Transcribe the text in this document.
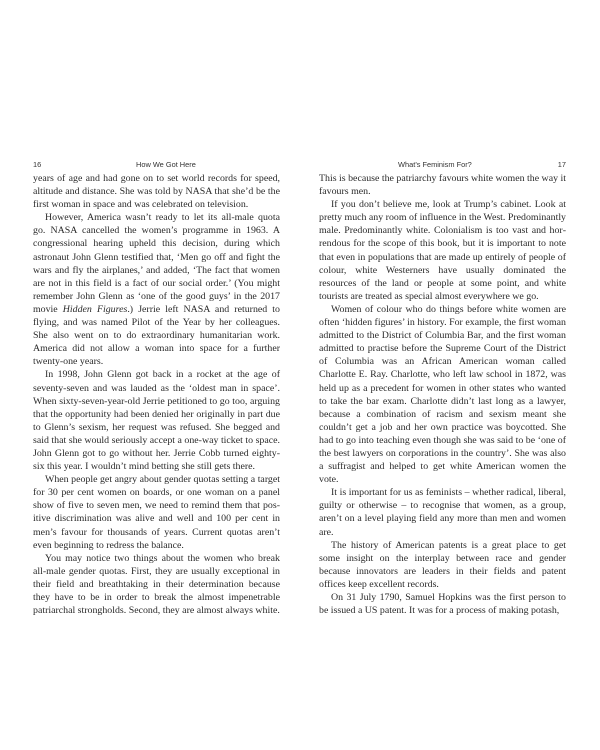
16	How We Got Here

years of age and had gone on to set world records for speed, altitude and distance. She was told by NASA that she’d be the first woman in space and was celebrated on television.

However, America wasn’t ready to let its all-male quota go. NASA cancelled the women’s programme in 1963. A congressional hearing upheld this decision, during which astronaut John Glenn testified that, ‘Men go off and fight the wars and fly the airplanes,’ and added, ‘The fact that women are not in this field is a fact of our social order.’ (You might remember John Glenn as ‘one of the good guys’ in the 2017 movie Hidden Figures.) Jerrie left NASA and returned to flying, and was named Pilot of the Year by her colleagues. She also went on to do extraordinary humanitarian work. America did not allow a woman into space for a further twenty-one years.

In 1998, John Glenn got back in a rocket at the age of seventy-seven and was lauded as the ‘oldest man in space’. When sixty-seven-year-old Jerrie petitioned to go too, arguing that the opportunity had been denied her originally in part due to Glenn’s sexism, her request was refused. She begged and said that she would seriously accept a one-way ticket to space. John Glenn got to go without her. Jerrie Cobb turned eighty-six this year. I wouldn’t mind betting she still gets there.

When people get angry about gender quotas setting a target for 30 per cent women on boards, or one woman on a panel show of five to seven men, we need to remind them that positive discrimination was alive and well and 100 per cent in men’s favour for thousands of years. Current quotas aren’t even beginning to redress the balance.

You may notice two things about the women who break all-male gender quotas. First, they are usually exceptional in their field and breathtaking in their determination because they have to be in order to break the almost impenetrable patriarchal strongholds. Second, they are almost always white.

What’s Feminism For?	17

This is because the patriarchy favours white women the way it favours men.

If you don’t believe me, look at Trump’s cabinet. Look at pretty much any room of influence in the West. Predominantly male. Predominantly white. Colonialism is too vast and horrendous for the scope of this book, but it is important to note that even in populations that are made up entirely of people of colour, white Westerners have usually dominated the resources of the land or people at some point, and white tourists are treated as special almost everywhere we go.

Women of colour who do things before white women are often ‘hidden figures’ in history. For example, the first woman admitted to the District of Columbia Bar, and the first woman admitted to practise before the Supreme Court of the District of Columbia was an African American woman called Charlotte E. Ray. Charlotte, who left law school in 1872, was held up as a precedent for women in other states who wanted to take the bar exam. Charlotte didn’t last long as a lawyer, because a combination of racism and sexism meant she couldn’t get a job and her own practice was boycotted. She had to go into teaching even though she was said to be ‘one of the best lawyers on corporations in the country’. She was also a suffragist and helped to get white American women the vote.

It is important for us as feminists – whether radical, liberal, guilty or otherwise – to recognise that women, as a group, aren’t on a level playing field any more than men and women are.

The history of American patents is a great place to get some insight on the interplay between race and gender because innovators are leaders in their fields and patent offices keep excellent records.

On 31 July 1790, Samuel Hopkins was the first person to be issued a US patent. It was for a process of making potash,
